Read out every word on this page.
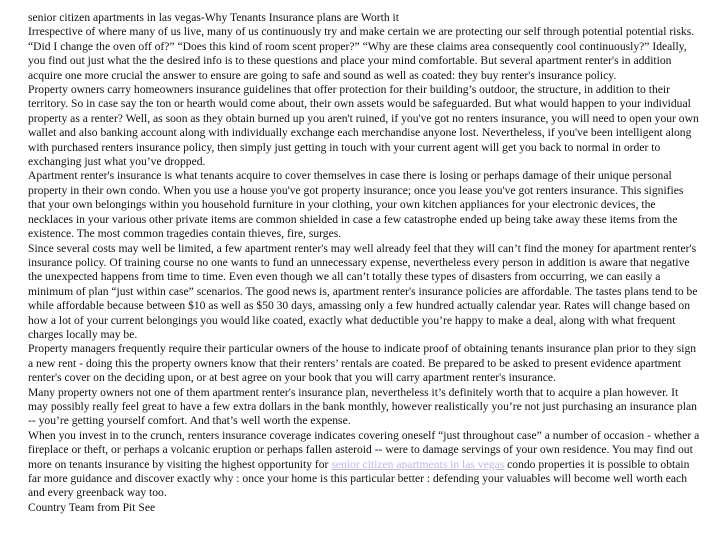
senior citizen apartments in las vegas-Why Tenants Insurance plans are Worth it

Irrespective of where many of us live, many of us continuously try and make certain we are protecting our self through potential potential risks. “Did I change the oven off of?” “Does this kind of room scent proper?” “Why are these claims area consequently cool continuously?” Ideally, you find out just what the the desired info is to these questions and place your mind comfortable. But several apartment renter's in addition acquire one more crucial the answer to ensure are going to safe and sound as well as coated: they buy renter's insurance policy.

Property owners carry homeowners insurance guidelines that offer protection for their building’s outdoor, the structure, in addition to their territory. So in case say the ton or hearth would come about, their own assets would be safeguarded. But what would happen to your individual property as a renter? Well, as soon as they obtain burned up you aren't ruined, if you've got no renters insurance, you will need to open your own wallet and also banking account along with individually exchange each merchandise anyone lost. Nevertheless, if you've been intelligent along with purchased renters insurance policy, then simply just getting in touch with your current agent will get you back to normal in order to exchanging just what you’ve dropped.

Apartment renter's insurance is what tenants acquire to cover themselves in case there is losing or perhaps damage of their unique personal property in their own condo. When you use a house you've got property insurance; once you lease you've got renters insurance. This signifies that your own belongings within you household furniture in your clothing, your own kitchen appliances for your electronic devices, the necklaces in your various other private items are common shielded in case a few catastrophe ended up being take away these items from the existence. The most common tragedies contain thieves, fire, surges.

Since several costs may well be limited, a few apartment renter's may well already feel that they will can’t find the money for apartment renter's insurance policy. Of training course no one wants to fund an unnecessary expense, nevertheless every person in addition is aware that negative the unexpected happens from time to time. Even even though we all can’t totally these types of disasters from occurring, we can easily a minimum of plan “just within case” scenarios. The good news is, apartment renter's insurance policies are affordable. The tastes plans tend to be while affordable because between $10 as well as $50 30 days, amassing only a few hundred actually calendar year. Rates will change based on how a lot of your current belongings you would like coated, exactly what deductible you’re happy to make a deal, along with what frequent charges locally may be.

Property managers frequently require their particular owners of the house to indicate proof of obtaining tenants insurance plan prior to they sign a new rent - doing this the property owners know that their renters’ rentals are coated. Be prepared to be asked to present evidence apartment renter's cover on the deciding upon, or at best agree on your book that you will carry apartment renter's insurance.

Many property owners not one of them apartment renter's insurance plan, nevertheless it’s definitely worth that to acquire a plan however. It may possibly really feel great to have a few extra dollars in the bank monthly, however realistically you’re not just purchasing an insurance plan -- you’re getting yourself comfort. And that’s well worth the expense.

When you invest in to the crunch, renters insurance coverage indicates covering oneself “just throughout case” a number of occasion - whether a fireplace or theft, or perhaps a volcanic eruption or perhaps fallen asteroid -- were to damage servings of your own residence. You may find out more on tenants insurance by visiting the highest opportunity for senior citizen apartments in las vegas condo properties it is possible to obtain far more guidance and discover exactly why : once your home is this particular better : defending your valuables will become well worth each and every greenback way too.

Country Team from Pit See
